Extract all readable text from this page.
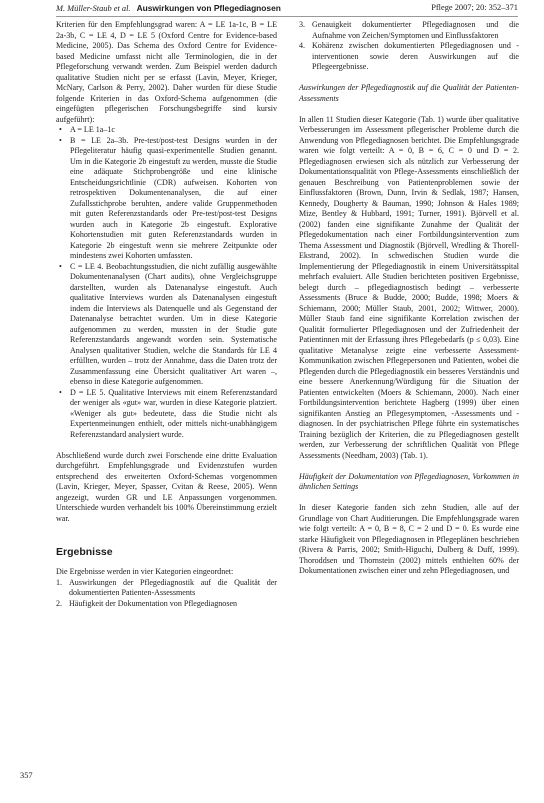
M. Müller-Staub et al. Auswirkungen von Pflegediagnosen	Pflege 2007; 20: 352–371

Kriterien für den Empfehlungsgrad waren: A = LE 1a-1c, B = LE 2a-3b, C = LE 4, D = LE 5 (Oxford Centre for Evidence-based Medicine, 2005). Das Schema des Oxford Centre for Evidence-based Medicine umfasst nicht alle Terminologien, die in der Pflegeforschung verwandt werden. Zum Beispiel werden dadurch qualitative Studien nicht per se erfasst (Lavin, Meyer, Krieger, McNary, Carlson & Perry, 2002). Daher wurden für diese Studie folgende Kriterien in das Oxford-Schema aufgenommen (die eingefügten pflegerischen Forschungsbegriffe sind kursiv aufgeführt):

• A = LE 1a–1c
• B = LE 2a–3b. Pre-test/post-test Designs wurden in der Pflegeliteratur häufig quasi-experimentelle Studien genannt. Um in die Kategorie 2b eingestuft zu werden, musste die Studie eine adäquate Stichprobengröße und eine klinische Entscheidungsrichtlinie (CDR) aufweisen. Kohorten von retrospektiven Dokumentenanalysen, die auf einer Zufallsstichprobe beruhten, andere valide Gruppenmethoden mit guten Referenzstandards oder Pre-test/post-test Designs wurden auch in Kategorie 2b eingestuft. Explorative Kohortenstudien mit guten Referenzstandards wurden in Kategorie 2b eingestuft wenn sie mehrere Zeitpunkte oder mindestens zwei Kohorten umfassten.
• C = LE 4. Beobachtungsstudien, die nicht zufällig ausgewählte Dokumentenanalysen (Chart audits), ohne Vergleichsgruppe darstellten, wurden als Datenanalyse eingestuft. Auch qualitative Interviews wurden als Datenanalysen eingestuft indem die Interviews als Datenquelle und als Gegenstand der Datenanalyse betrachtet wurden. Um in diese Kategorie aufgenommen zu werden, mussten in der Studie gute Referenzstandards angewandt worden sein. Systematische Analysen qualitativer Studien, welche die Standards für LE 4 erfüllten, wurden – trotz der Annahme, dass die Daten trotz der Zusammenfassung eine Übersicht qualitativer Art waren –, ebenso in diese Kategorie aufgenommen.
• D = LE 5. Qualitative Interviews mit einem Referenzstandard der weniger als «gut» war, wurden in diese Kategorie platziert. «Weniger als gut» bedeutete, dass die Studie nicht als Expertenmeinungen enthielt, oder mittels nicht-unabhängigem Referenzstandard analysiert wurde.

Abschließend wurde durch zwei Forschende eine dritte Evaluation durchgeführt. Empfehlungsgrade und Evidenzstufen wurden entsprechend des erweiterten Oxford-Schemas vorgenommen (Lavin, Krieger, Meyer, Spasser, Cvitan & Reese, 2005). Wenn angezeigt, wurden GR und LE Anpassungen vorgenommen. Unterschiede wurden verhandelt bis 100% Übereinstimmung erzielt war.

Ergebnisse

Die Ergebnisse werden in vier Kategorien eingeordnet:

1. Auswirkungen der Pflegediagnostik auf die Qualität der dokumentierten Patienten-Assessments
2. Häufigkeit der Dokumentation von Pflegediagnosen
3. Genauigkeit dokumentierter Pflegediagnosen und die Aufnahme von Zeichen/Symptomen und Einflussfaktoren
4. Kohärenz zwischen dokumentierten Pflegediagnosen und -interventionen sowie deren Auswirkungen auf die Pflegeergebnisse.
Auswirkungen der Pflegediagnostik auf die Qualität der Patienten-Assessments

In allen 11 Studien dieser Kategorie (Tab. 1) wurde über qualitative Verbesserungen im Assessment pflegerischer Probleme durch die Anwendung von Pflegediagnosen berichtet. Die Empfehlungsgrade waren wie folgt verteilt: A = 0, B = 6, C = 0 und D = 2. Pflegediagnosen erwiesen sich als nützlich zur Verbesserung der Dokumentationsqualität von Pflege-Assessments einschließlich der genauen Beschreibung von Patientenproblemen sowie der Einflussfaktoren (Brown, Dunn, Irvin & Sedlak, 1987; Hansen, Kennedy, Dougherty & Bauman, 1990; Johnson & Hales 1989; Mize, Bentley & Hubbard, 1991; Turner, 1991). Björvell et al. (2002) fanden eine signifikante Zunahme der Qualität der Pflegedokumentation nach einer Fortbildungsintervention zum Thema Assessment und Diagnostik (Björvell, Wredling & Thorell-Ekstrand, 2002). In schwedischen Studien wurde die Implementierung der Pflegediagnostik in einem Universitätsspital mehrfach evaluiert. Alle Studien berichteten positiven Ergebnisse, belegt durch – pflegediagnostisch bedingt – verbesserte Assessments (Bruce & Budde, 2000; Budde, 1998; Moers & Schiemann, 2000; Müller Staub, 2001, 2002; Wittwer, 2000). Müller Staub fand eine signifikante Korrelation zwischen der Qualität formulierter Pflegediagnosen und der Zufriedenheit der Patientinnen mit der Erfassung ihres Pflegebedarfs (p ≤ 0,03). Eine qualitative Metanalyse zeigte eine verbesserte Assessment-Kommunikation zwischen Pflegepersonen und Patienten, wobei die Pflegenden durch die Pflegediagnostik ein besseres Verständnis und eine bessere Anerkennung/Würdigung für die Situation der Patienten entwickelten (Moers & Schiemann, 2000). Nach einer Fortbildungsintervention berichtete Hagberg (1999) über einen signifikanten Anstieg an Pflegesymptomen, -Assessments und -diagnosen. In der psychiatrischen Pflege führte ein systematisches Training bezüglich der Kriterien, die zu Pflegediagnosen gestellt werden, zur Verbesserung der schriftlichen Qualität von Pflege Assessments (Needham, 2003) (Tab. 1).

Häufigkeit der Dokumentation von Pflegediagnosen, Vorkommen in ähnlichen Settings

In dieser Kategorie fanden sich zehn Studien, alle auf der Grundlage von Chart Auditierungen. Die Empfehlungsgrade waren wie folgt verteilt: A = 0, B = 8, C = 2 und D = 0. Es wurde eine starke Häufigkeit von Pflegediagnosen in Pflegeplänen beschrieben (Rivera & Parris, 2002; Smith-Higuchi, Dulberg & Duff, 1999). Thoroddsen und Thornstein (2002) mittels enthielten 60% der Dokumentationen zwischen einer und zehn Pflegediagnosen, und

357
